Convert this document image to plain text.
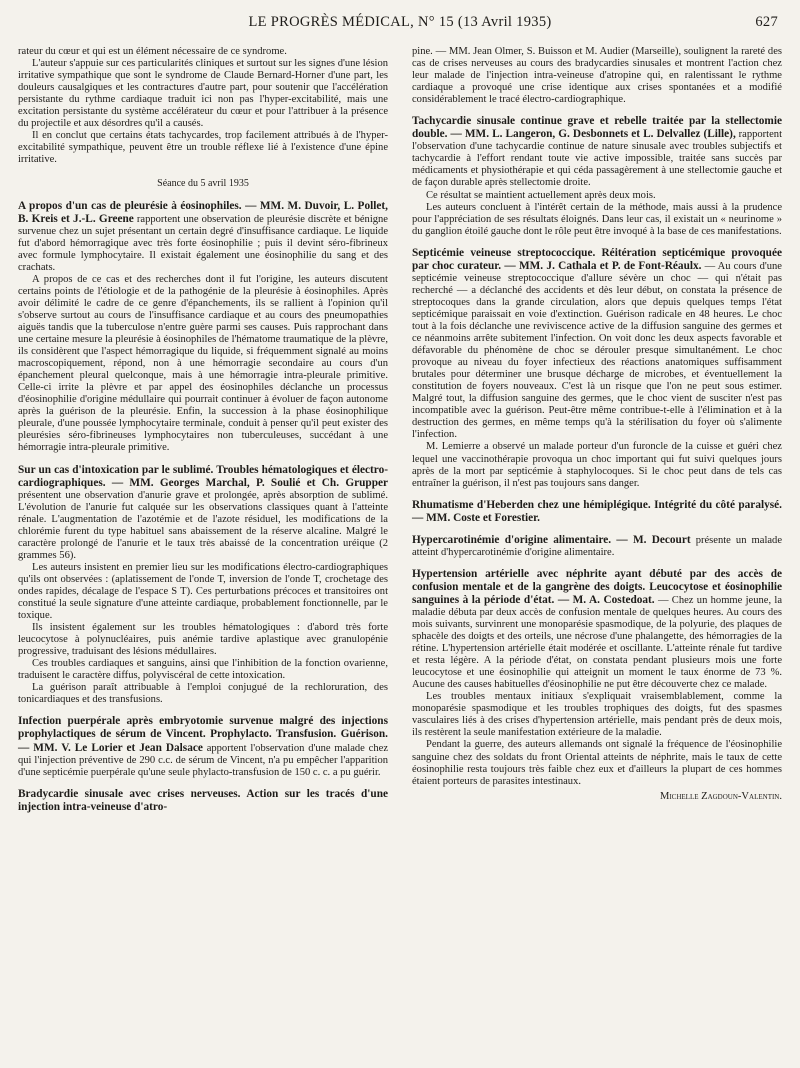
LE PROGRÈS MÉDICAL, N° 15 (13 Avril 1935)	627

rateur du cœur et qui est un élément nécessaire de ce syndrome.

L'auteur s'appuie sur ces particularités cliniques et surtout sur les signes d'une lésion irritative sympathique que sont le syndrome de Claude Bernard-Horner d'une part, les douleurs causalgiques et les contractures d'autre part, pour soutenir que l'accélération persistante du rythme cardiaque traduit ici non pas l'hyper-excitabilité, mais une excitation persistante du système accélérateur du cœur et pour l'attribuer à la présence du projectile et aux désordres qu'il a causés.

Il en conclut que certains états tachycardes, trop facilement attribués à de l'hyper-excitabilité sympathique, peuvent être un trouble réflexe lié à l'existence d'une épine irritative.

Séance du 5 avril 1935

A propos d'un cas de pleurésie à éosinophiles. — MM. M. Duvoir, L. Pollet, B. Kreis et J.-L. Greene rapportent une observation de pleurésie discrète et bénigne survenue chez un sujet présentant un certain degré d'insuffisance cardiaque. Le liquide fut d'abord hémorragique avec très forte éosinophilie ; puis il devint séro-fibrineux avec formule lymphocytaire. Il existait également une éosinophilie du sang et des crachats.

A propos de ce cas et des recherches dont il fut l'origine, les auteurs discutent certains points de l'étiologie et de la pathogénie de la pleurésie à éosinophiles. Après avoir délimité le cadre de ce genre d'épanchements, ils se rallient à l'opinion qu'il s'observe surtout au cours de l'insuffisance cardiaque et au cours des pneumopathies aiguës tandis que la tuberculose n'entre guère parmi ses causes. Puis rapprochant dans une certaine mesure la pleurésie à éosinophiles de l'hématome traumatique de la plèvre, ils considèrent que l'aspect hémorragique du liquide, si fréquemment signalé au moins macroscopiquement, répond, non à une hémorragie secondaire au cours d'un épanchement pleural quelconque, mais à une hémorragie intra-pleurale primitive. Celle-ci irrite la plèvre et par appel des éosinophiles déclanche un processus d'éosinophilie d'origine médullaire qui pourrait continuer à évoluer de façon autonome après la guérison de la pleurésie. Enfin, la succession à la phase éosinophilique pleurale, d'une poussée lymphocytaire terminale, conduit à penser qu'il peut exister des pleurésies séro-fibrineuses lymphocytaires non tuberculeuses, succédant à une hémorragie intra-pleurale primitive.

Sur un cas d'intoxication par le sublimé. Troubles hématologiques et électro-cardiographiques. — MM. Georges Marchal, P. Soulié et Ch. Grupper présentent une observation d'anurie grave et prolongée, après absorption de sublimé. L'évolution de l'anurie fut calquée sur les observations classiques quant à l'atteinte rénale. L'augmentation de l'azotémie et de l'azote résiduel, les modifications de la chlorémie furent du type habituel sans abaissement de la réserve alcaline. Malgré le caractère prolongé de l'anurie et le taux très abaissé de la concentration uréique (2 grammes 56).

Les auteurs insistent en premier lieu sur les modifications électro-cardiographiques qu'ils ont observées : (aplatissement de l'onde T, inversion de l'onde T, crochetage des ondes rapides, décalage de l'espace S T). Ces perturbations précoces et transitoires ont constitué la seule signature d'une atteinte cardiaque, probablement fonctionnelle, par le toxique.

Ils insistent également sur les troubles hématologiques : d'abord très forte leucocytose à polynucléaires, puis anémie tardive aplastique avec granulopénie progressive, traduisant des lésions médullaires.

Ces troubles cardiaques et sanguins, ainsi que l'inhibition de la fonction ovarienne, traduisent le caractère diffus, polyviscéral de cette intoxication.

La guérison paraît attribuable à l'emploi conjugué de la rechloruration, des tonicardiaques et des transfusions.

Infection puerpérale après embryotomie survenue malgré des injections prophylactiques de sérum de Vincent. Prophylacto. Transfusion. Guérison. — MM. V. Le Lorier et Jean Dalsace apportent l'observation d'une malade chez qui l'injection préventive de 290 c.c. de sérum de Vincent, n'a pu empêcher l'apparition d'une septicémie puerpérale qu'une seule phylacto-transfusion de 150 c. c. a pu guérir.

Bradycardie sinusale avec crises nerveuses. Action sur les tracés d'une injection intra-veineuse d'atro-

pine. — MM. Jean Olmer, S. Buisson et M. Audier (Marseille), soulignent la rareté des cas de crises nerveuses au cours des bradycardies sinusales et montrent l'action chez leur malade de l'injection intra-veineuse d'atropine qui, en ralentissant le rythme cardiaque a provoqué une crise identique aux crises spontanées et a modifié considérablement le tracé électro-cardiographique.

Tachycardie sinusale continue grave et rebelle traitée par la stellectomie double. — MM. L. Langeron, G. Desbonnets et L. Delvallez (Lille), rapportent l'observation d'une tachycardie continue de nature sinusale avec troubles subjectifs et tachycardie à l'effort rendant toute vie active impossible, traitée sans succès par médicaments et physiothérapie et qui céda passagèrement à une stellectomie gauche et de façon durable après stellectomie droite.

Ce résultat se maintient actuellement après deux mois.

Les auteurs concluent à l'intérêt certain de la méthode, mais aussi à la prudence pour l'appréciation de ses résultats éloignés. Dans leur cas, il existait un « neurinome » du ganglion étoilé gauche dont le rôle peut être invoqué à la base de ces manifestations.

Septicémie veineuse streptococcique. Réitération septicémique provoquée par choc curateur. — MM. J. Cathala et P. de Font-Réaulx. — Au cours d'une septicémie veineuse streptococcique d'allure sévère un choc — qui n'était pas recherché — a déclanché des accidents et dès leur début, on constata la présence de streptocoques dans la grande circulation, alors que depuis quelques temps l'état septicémique paraissait en voie d'extinction. Guérison radicale en 48 heures. Le choc tout à la fois déclanche une reviviscence active de la diffusion sanguine des germes et ce néanmoins arrête subitement l'infection. On voit donc les deux aspects favorable et défavorable du phénomène de choc se dérouler presque simultanément. Le choc provoque au niveau du foyer infectieux des réactions anatomiques suffisamment brutales pour déterminer une brusque décharge de microbes, et éventuellement la constitution de foyers nouveaux. C'est là un risque que l'on ne peut sous estimer. Malgré tout, la diffusion sanguine des germes, que le choc vient de susciter n'est pas incompatible avec la guérison. Peut-être même contribue-t-elle à l'élimination et à la destruction des germes, en même temps qu'à la stérilisation du foyer où s'alimente l'infection.

M. Lemierre a observé un malade porteur d'un furoncle de la cuisse et guéri chez lequel une vaccinothérapie provoqua un choc important qui fut suivi quelques jours après de la mort par septicémie à staphylocoques. Si le choc peut dans de tels cas entraîner la guérison, il n'est pas toujours sans danger.

Rhumatisme d'Heberden chez une hémiplégique. Intégrité du côté paralysé. — MM. Coste et Forestier.

Hypercarotinémie d'origine alimentaire. — M. Decourt présente un malade atteint d'hypercarotinémie d'origine alimentaire.

Hypertension artérielle avec néphrite ayant débuté par des accès de confusion mentale et de la gangrène des doigts. Leucocytose et éosinophilie sanguines à la période d'état. — M. A. Costedoat. — Chez un homme jeune, la maladie débuta par deux accès de confusion mentale de quelques heures. Au cours des mois suivants, survinrent une monoparésie spasmodique, de la polyurie, des plaques de sphacèle des doigts et des orteils, une nécrose d'une phalangette, des hémorragies de la rétine. L'hypertension artérielle était modérée et oscillante. L'atteinte rénale fut tardive et resta légère. A la période d'état, on constata pendant plusieurs mois une forte leucocytose et une éosinophilie qui atteignit un moment le taux énorme de 73 %. Aucune des causes habituelles d'éosinophilie ne put être découverte chez ce malade.

Les troubles mentaux initiaux s'expliquait vraisemblablement, comme la monoparésie spasmodique et les troubles trophiques des doigts, fut des spasmes vasculaires liés à des crises d'hypertension artérielle, mais pendant près de deux mois, ils restèrent la seule manifestation extérieure de la maladie.

Pendant la guerre, des auteurs allemands ont signalé la fréquence de l'éosinophilie sanguine chez des soldats du front Oriental atteints de néphrite, mais le taux de cette éosinophilie resta toujours très faible chez eux et d'ailleurs la plupart de ces hommes étaient porteurs de parasites intestinaux.

Michelle Zagdoun-Valentin.
